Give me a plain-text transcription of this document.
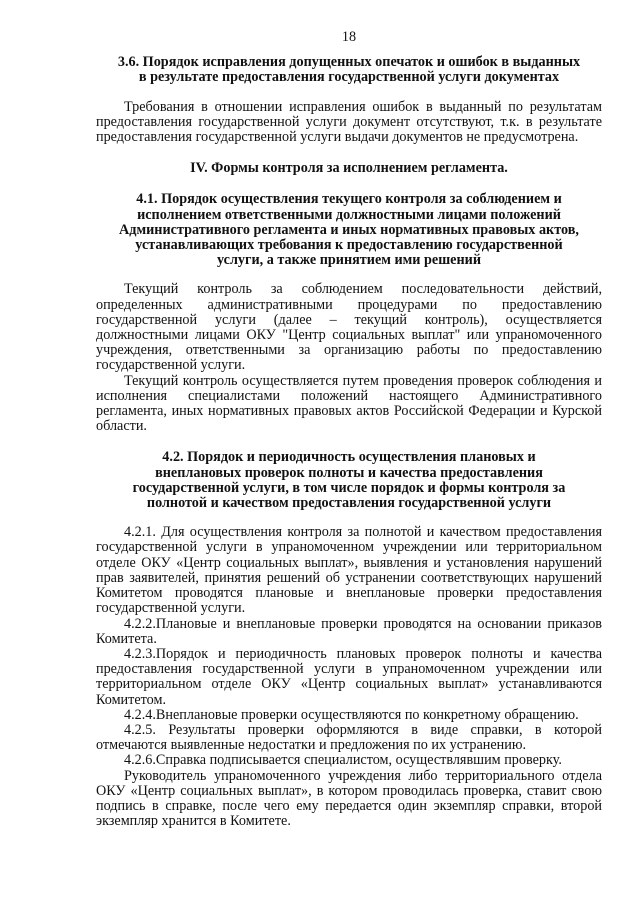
18
3.6. Порядок исправления допущенных опечаток и ошибок в выданных
в результате предоставления государственной услуги документах

Требования в отношении исправления ошибок в выданный по результатам предоставления государственной услуги документ отсутствуют, т.к. в результате предоставления государственной услуги выдачи документов не предусмотрена.

IV. Формы контроля за исполнением регламента.
4.1. Порядок осуществления текущего контроля за соблюдением и
исполнением ответственными должностными лицами положений
Административного регламента и иных нормативных правовых актов,
устанавливающих требования к предоставлению государственной
услуги, а также принятием ими решений

Текущий контроль за соблюдением последовательности действий, определенных административными процедурами по предоставлению государственной услуги (далее – текущий контроль), осуществляется должностными лицами ОКУ "Центр социальных выплат" или упраномоченного учреждения, ответственными за организацию работы по предоставлению государственной услуги.

Текущий контроль осуществляется путем проведения проверок соблюдения и исполнения специалистами положений настоящего Административного регламента, иных нормативных правовых актов Российской Федерации и Курской области.

4.2. Порядок и периодичность осуществления плановых и
внеплановых проверок полноты и качества предоставления
государственной услуги, в том числе порядок и формы контроля за
полнотой и качеством предоставления государственной услуги

4.2.1. Для осуществления контроля за полнотой и качеством предоставления государственной услуги в упраномоченном учреждении или территориальном отделе ОКУ «Центр социальных выплат», выявления и установления нарушений прав заявителей, принятия решений об устранении соответствующих нарушений Комитетом проводятся плановые и внеплановые проверки предоставления государственной услуги.

4.2.2.Плановые и внеплановые проверки проводятся на основании приказов Комитета.

4.2.3.Порядок и периодичность плановых проверок полноты и качества предоставления государственной услуги в упраномоченном учреждении или территориальном отделе ОКУ «Центр социальных выплат» устанавливаются Комитетом.

4.2.4.Внеплановые проверки осуществляются по конкретному обращению.

4.2.5. Результаты проверки оформляются в виде справки, в которой отмечаются выявленные недостатки и предложения по их устранению.

4.2.6.Справка подписывается специалистом, осуществлявшим проверку.

Руководитель упраномоченного учреждения либо территориального отдела ОКУ «Центр социальных выплат», в котором проводилась проверка, ставит свою подпись в справке, после чего ему передается один экземпляр справки, второй экземпляр хранится в Комитете.
